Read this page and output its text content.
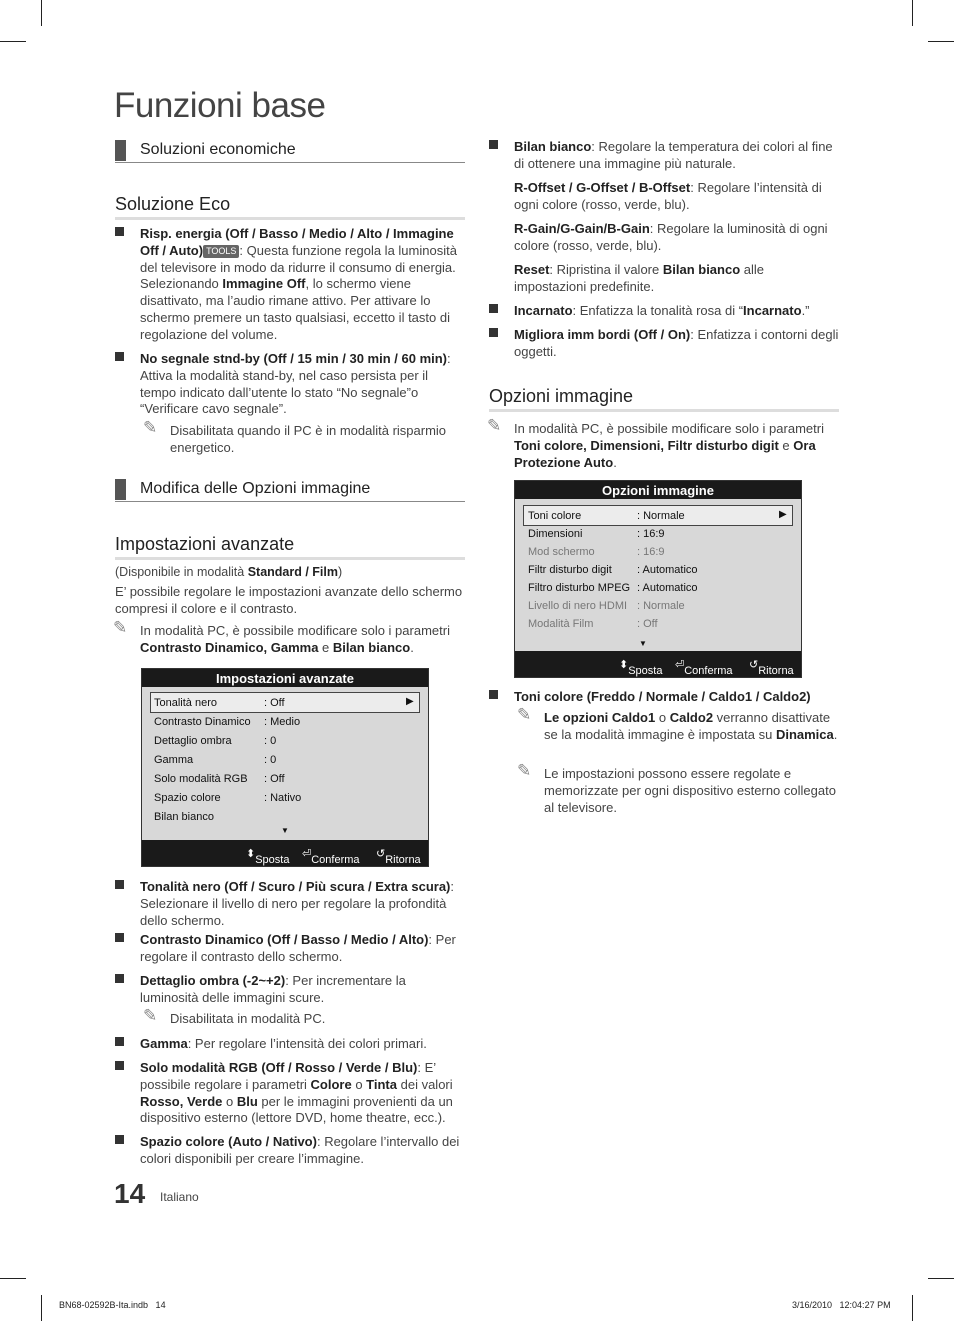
Funzioni base
Soluzioni economiche
Soluzione Eco
Risp. energia (Off / Basso / Medio / Alto / Immagine Off / Auto) TOOLS : Questa funzione regola la luminosità del televisore in modo da ridurre il consumo di energia. Selezionando Immagine Off, lo schermo viene disattivato, ma l’audio rimane attivo. Per attivare lo schermo premere un tasto qualsiasi, eccetto il tasto di regolazione del volume.
No segnale stnd-by (Off / 15 min / 30 min / 60 min): Attiva la modalità stand-by, nel caso persista per il tempo indicato dall’utente lo stato “No segnale”o “Verificare cavo segnale”.
✎ Disabilitata quando il PC è in modalità risparmio energetico.
Modifica delle Opzioni immagine
Impostazioni avanzate
(Disponibile in modalità Standard / Film)
E’ possibile regolare le impostazioni avanzate dello schermo compresi il colore e il contrasto.
✎ In modalità PC, è possibile modificare solo i parametri Contrasto Dinamico, Gamma e Bilan bianco.
Impostazioni avanzate
▶
Tonalità nero	: Off
Contrasto Dinamico : Medio
Dettaglio ombra	: 0
Gamma	: 0
Solo modalità RGB : Off
Spazio colore	: Nativo
Bilan bianco
▼
⬍ Sposta ⏎ Conferma ↺ Ritorna
Tonalità nero (Off / Scuro / Più scura / Extra scura): Selezionare il livello di nero per regolare la profondità dello schermo.
Contrasto Dinamico (Off / Basso / Medio / Alto): Per regolare il contrasto dello schermo.
Dettaglio ombra (-2~+2): Per incrementare la luminosità delle immagini scure.
✎ Disabilitata in modalità PC.
Gamma: Per regolare l’intensità dei colori primari.
Solo modalità RGB (Off / Rosso / Verde / Blu): E’ possibile regolare i parametri Colore o Tinta dei valori Rosso, Verde o Blu per le immagini provenienti da un dispositivo esterno (lettore DVD, home theatre, ecc.).
Spazio colore (Auto / Nativo): Regolare l’intervallo dei colori disponibili per creare l’immagine.
Bilan bianco: Regolare la temperatura dei colori al fine di ottenere una immagine più naturale.
R-Offset / G-Offset / B-Offset: Regolare l’intensità di ogni colore (rosso, verde, blu).
R-Gain/G-Gain/B-Gain: Regolare la luminosità di ogni colore (rosso, verde, blu).
Reset: Ripristina il valore Bilan bianco alle impostazioni predefinite.
Incarnato: Enfatizza la tonalità rosa di “Incarnato.”
Migliora imm bordi (Off / On): Enfatizza i contorni degli oggetti.
Opzioni immagine
✎ In modalità PC, è possibile modificare solo i parametri Toni colore, Dimensioni, Filtr disturbo digit e Ora Protezione Auto.
Opzioni immagine
▶
Toni colore	: Normale
Dimensioni	: 16:9
Mod schermo	: 16:9
Filtr disturbo digit : Automatico
Filtro disturbo MPEG : Automatico
Livello di nero HDMI : Normale
Modalità Film	: Off
▼
⬍ Sposta ⏎ Conferma ↺ Ritorna
Toni colore (Freddo / Normale / Caldo1 / Caldo2)
✎ Le opzioni Caldo1 o Caldo2 verranno disattivate se la modalità immagine è impostata su Dinamica.
✎ Le impostazioni possono essere regolate e memorizzate per ogni dispositivo esterno collegato al televisore.
14 Italiano
BN68-02592B-Ita.indb   14	3/16/2010   12:04:27 PM
